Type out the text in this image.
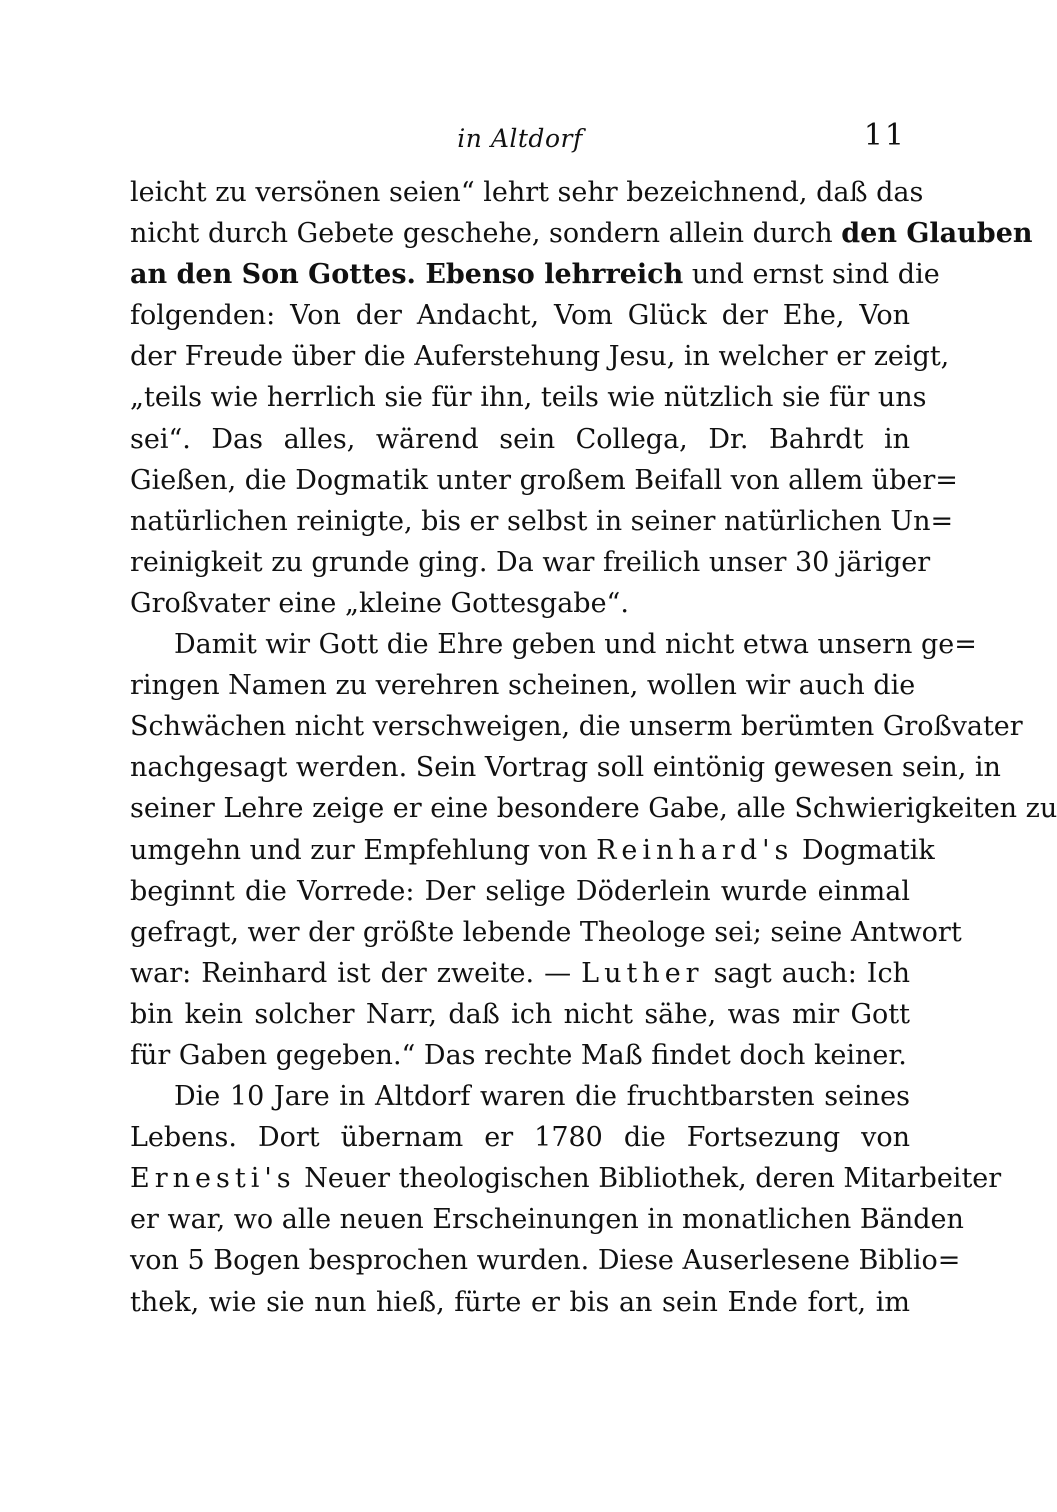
in Altdorf	11
leicht zu versönen seien“ lehrt sehr bezeichnend, daß das
nicht durch Gebete geschehe, sondern allein durch den Glauben
an den Son Gottes. Ebenso lehrreich und ernst sind die
folgenden: Von der Andacht, Vom Glück der Ehe, Von
der Freude über die Auferstehung Jesu, in welcher er zeigt,
„teils wie herrlich sie für ihn, teils wie nützlich sie für uns
sei“. Das alles, wärend sein Collega, Dr. Bahrdt in
Gießen, die Dogmatik unter großem Beifall von allem über=
natürlichen reinigte, bis er selbst in seiner natürlichen Un=
reinigkeit zu grunde ging. Da war freilich unser 30 järiger
Großvater eine „kleine Gottesgabe“.
Damit wir Gott die Ehre geben und nicht etwa unsern ge=
ringen Namen zu verehren scheinen, wollen wir auch die
Schwächen nicht verschweigen, die unserm berümten Großvater
nachgesagt werden. Sein Vortrag soll eintönig gewesen sein, in
seiner Lehre zeige er eine besondere Gabe, alle Schwierigkeiten zu
umgehn und zur Empfehlung von Reinhard's Dogmatik
beginnt die Vorrede: Der selige Döderlein wurde einmal
gefragt, wer der größte lebende Theologe sei; seine Antwort
war: Reinhard ist der zweite. — Luther sagt auch: Ich
bin kein solcher Narr, daß ich nicht sähe, was mir Gott
für Gaben gegeben.“ Das rechte Maß findet doch keiner.
Die 10 Jare in Altdorf waren die fruchtbarsten seines
Lebens. Dort übernam er 1780 die Fortsezung von
Ernesti's Neuer theologischen Bibliothek, deren Mitarbeiter
er war, wo alle neuen Erscheinungen in monatlichen Bänden
von 5 Bogen besprochen wurden. Diese Auserlesene Biblio=
thek, wie sie nun hieß, fürte er bis an sein Ende fort, im
